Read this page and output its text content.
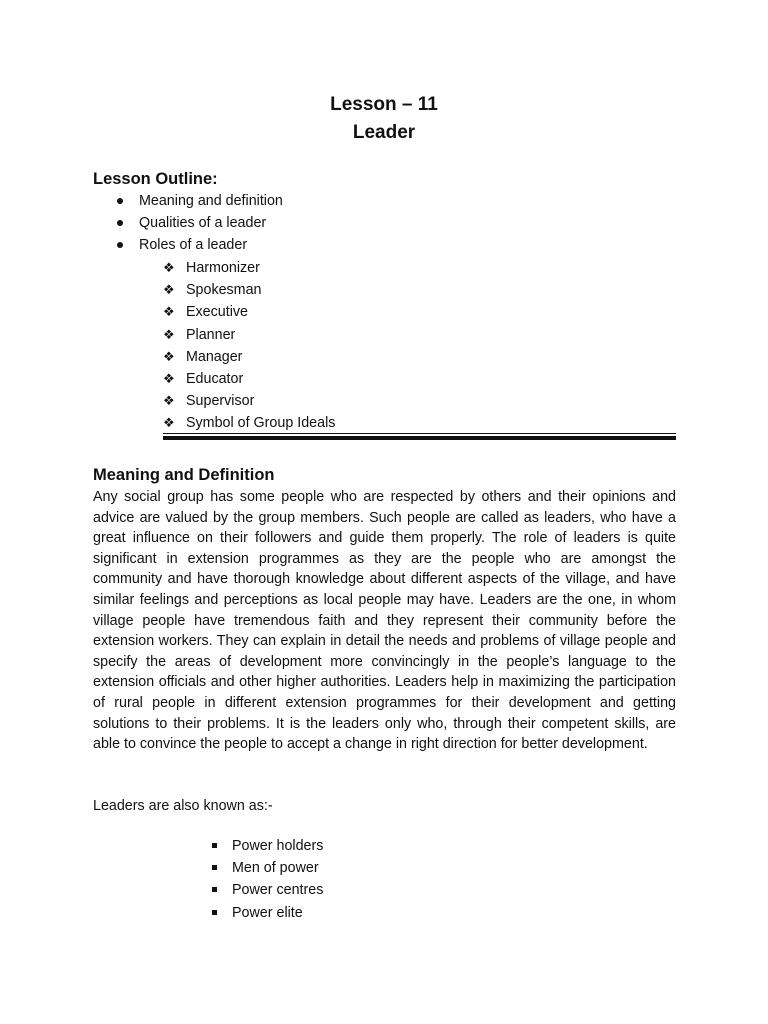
Lesson – 11
Leader
Lesson Outline:
Meaning and definition
Qualities of a leader
Roles of a leader
❖ Harmonizer
❖ Spokesman
❖ Executive
❖ Planner
❖ Manager
❖ Educator
❖ Supervisor
❖ Symbol of Group Ideals
Meaning and Definition

Any social group has some people who are respected by others and their opinions and advice are valued by the group members. Such people are called as leaders, who have a great influence on their followers and guide them properly. The role of leaders is quite significant in extension programmes as they are the people who are amongst the community and have thorough knowledge about different aspects of the village, and have similar feelings and perceptions as local people may have. Leaders are the one, in whom village people have tremendous faith and they represent their community before the extension workers. They can explain in detail the needs and problems of village people and specify the areas of development more convincingly in the people’s language to the extension officials and other higher authorities. Leaders help in maximizing the participation of rural people in different extension programmes for their development and getting solutions to their problems. It is the leaders only who, through their competent skills, are able to convince the people to accept a change in right direction for better development.

Leaders are also known as:-

Power holders
Men of power
Power centres
Power elite
